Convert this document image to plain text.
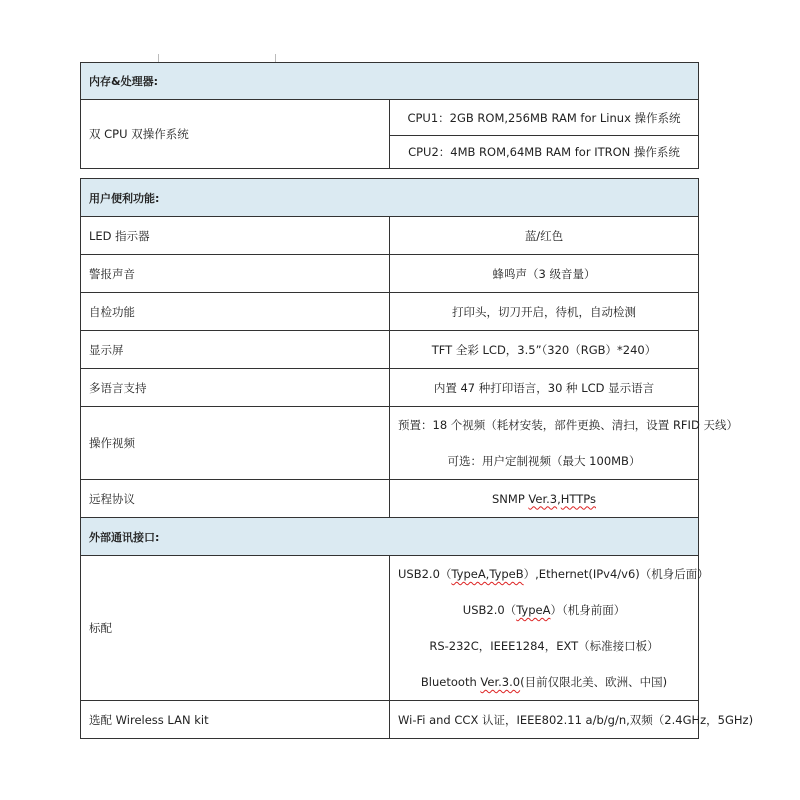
内存&处理器:
双 CPU 双操作系统	CPU1：2GB ROM,256MB RAM for Linux 操作系统
CPU2：4MB ROM,64MB RAM for ITRON 操作系统
用户便利功能:	
LED 指示器	蓝/红色
警报声音	蜂鸣声（3 级音量）
自检功能	打印头，切刀开启，待机，自动检测
显示屏	TFT 全彩 LCD，3.5”（320（RGB）*240）
多语言支持	内置 47 种打印语言，30 种 LCD 显示语言
操作视频	预置：18 个视频（耗材安装，部件更换、清扫，设置 RFID 天线）
可选：用户定制视频（最大 100MB）

远程协议	SNMP Ver.3,HTTPs
外部通讯接口:	
标配	USB2.0（TypeA,TypeB）,Ethernet(IPv4/v6)（机身后面）
USB2.0（TypeA）（机身前面）
RS-232C，IEEE1284，EXT（标准接口板）
Bluetooth Ver.3.0(目前仅限北美、欧洲、中国)

选配 Wireless LAN kit	Wi-Fi and CCX 认证，IEEE802.11 a/b/g/n,双频（2.4GHz，5GHz)
